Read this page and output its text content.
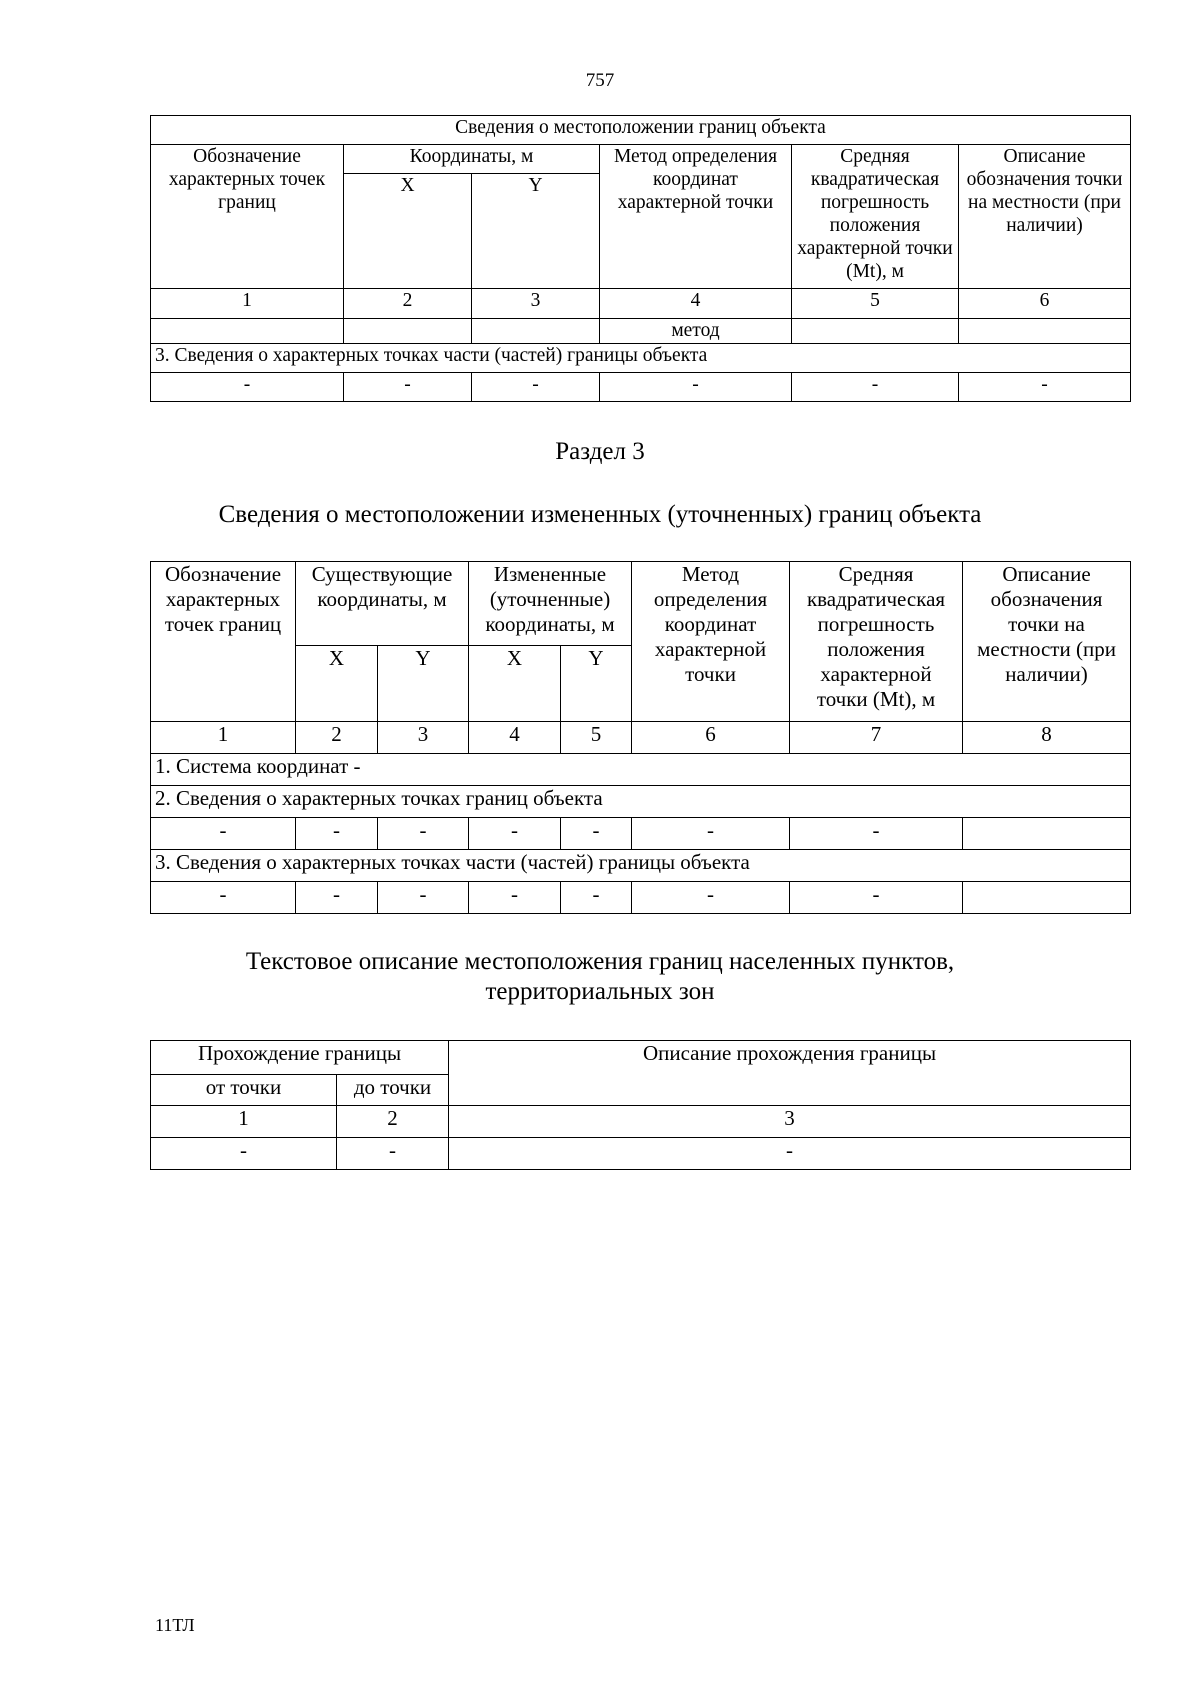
757
Сведения о местоположении границ объекта					
Обозначение характерных точек границ	Координаты, м		Метод определения координат характерной точки	Средняя квадратическая погрешность положения характерной точки (Mt), м	Описание обозначения точки на местности (при наличии)
	X	Y			
1	2	3	4	5	6
			метод		
3. Сведения о характерных точках части (частей) границы объекта					
-	-	-	-	-	-
Раздел 3
Сведения о местоположении измененных (уточненных) границ объекта
Обозначение характерных точек границ	Существующие координаты, м		Измененные (уточненные) координаты, м		Метод определения координат характерной точки	Средняя квадратическая погрешность положения характерной точки (Mt), м	Описание обозначения точки на местности (при наличии)
	X	Y	X	Y			
1	2	3	4	5	6	7	8
1. Система координат -							
2. Сведения о характерных точках границ объекта							
-	-	-	-	-	-	-	
3. Сведения о характерных точках части (частей) границы объекта							
-	-	-	-	-	-	-	
Текстовое описание местоположения границ населенных пунктов,
территориальных зон
Прохождение границы		Описание прохождения границы
от точки	до точки	
1	2	3
-	-	-
11ТЛ
